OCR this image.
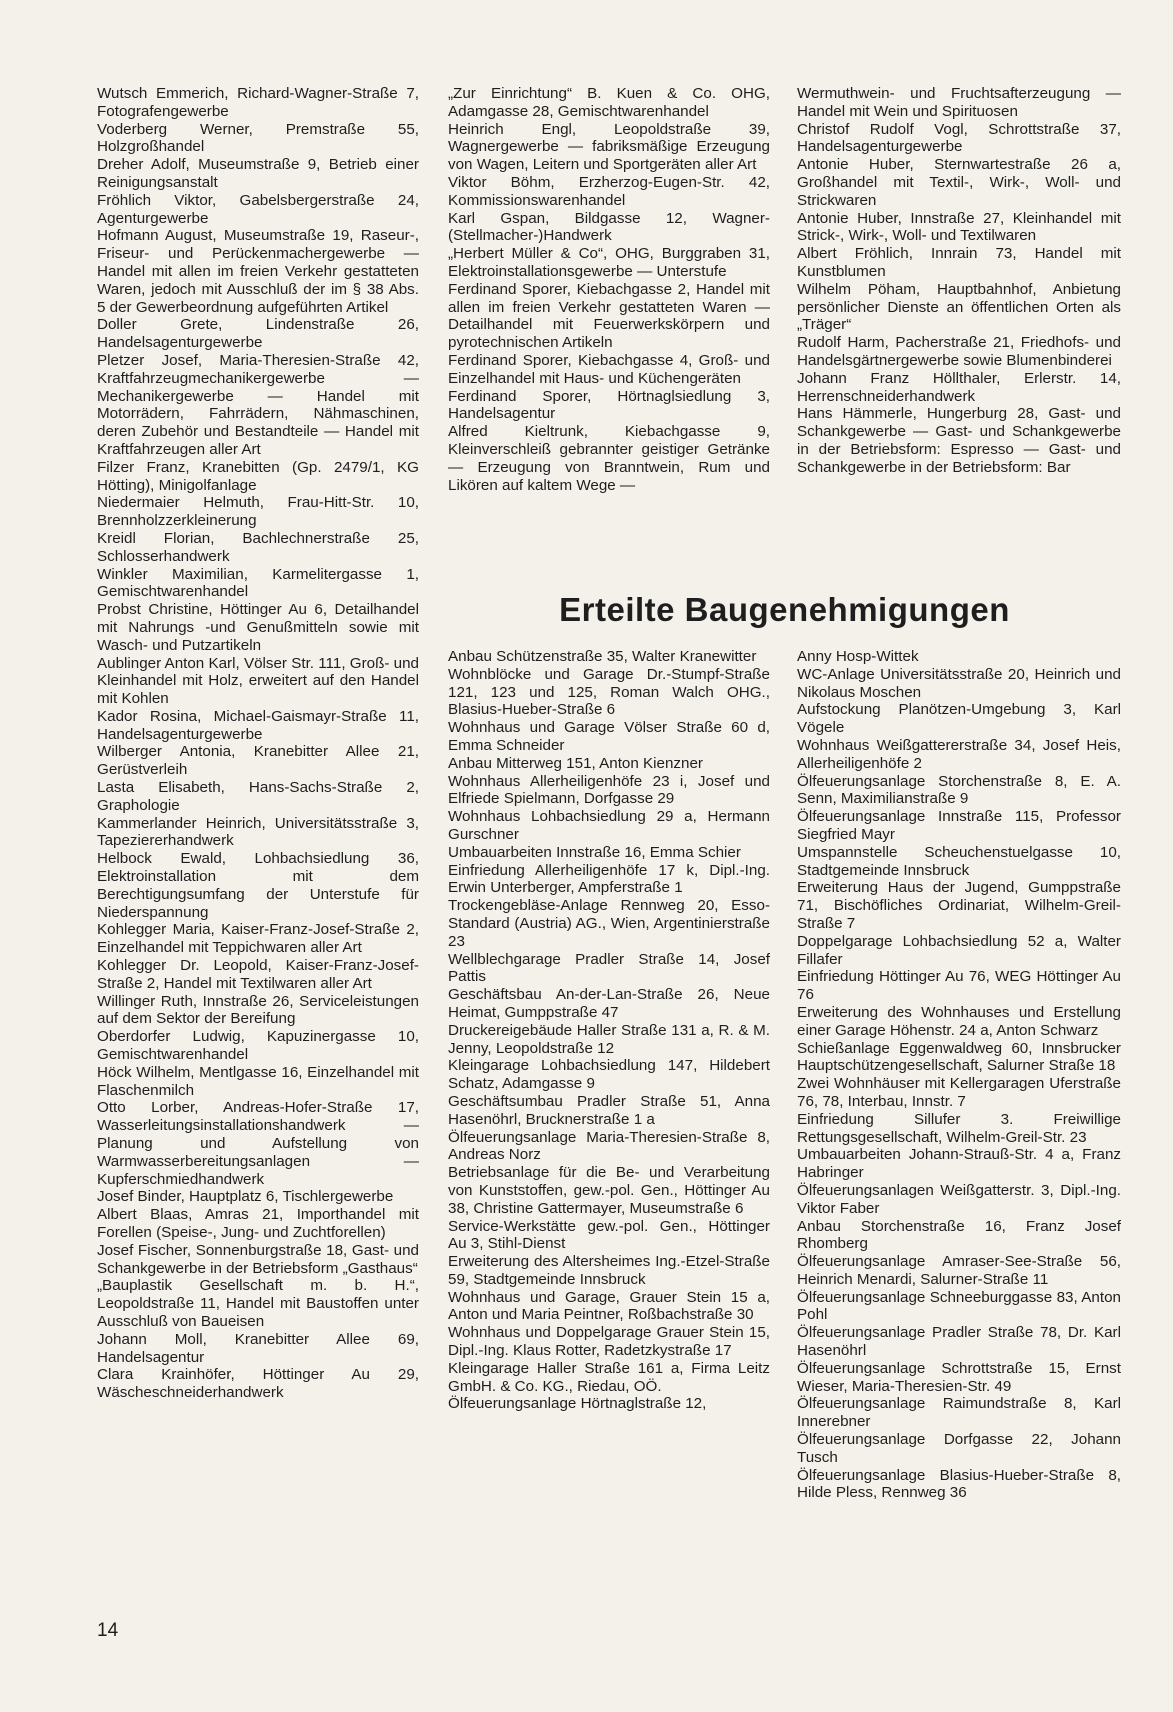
Wutsch Emmerich, Richard-Wagner-Straße 7, Fotografengewerbe

Voderberg Werner, Premstraße 55, Holzgroßhandel

Dreher Adolf, Museumstraße 9, Betrieb einer Reinigungsanstalt

Fröhlich Viktor, Gabelsbergerstraße 24, Agenturgewerbe

Hofmann August, Museumstraße 19, Raseur-, Friseur- und Perückenmachergewerbe — Handel mit allen im freien Verkehr gestatteten Waren, jedoch mit Ausschluß der im § 38 Abs. 5 der Gewerbeordnung aufgeführten Artikel

Doller Grete, Lindenstraße 26, Handelsagenturgewerbe

Pletzer Josef, Maria-Theresien-Straße 42, Kraftfahrzeugmechanikergewerbe — Mechanikergewerbe — Handel mit Motorrädern, Fahrrädern, Nähmaschinen, deren Zubehör und Bestandteile — Handel mit Kraftfahrzeugen aller Art

Filzer Franz, Kranebitten (Gp. 2479/1, KG Hötting), Minigolfanlage

Niedermaier Helmuth, Frau-Hitt-Str. 10, Brennholzzerkleinerung

Kreidl Florian, Bachlechnerstraße 25, Schlosserhandwerk

Winkler Maximilian, Karmelitergasse 1, Gemischtwarenhandel

Probst Christine, Höttinger Au 6, Detailhandel mit Nahrungs -und Genußmitteln sowie mit Wasch- und Putzartikeln

Aublinger Anton Karl, Völser Str. 111, Groß- und Kleinhandel mit Holz, erweitert auf den Handel mit Kohlen

Kador Rosina, Michael-Gaismayr-Straße 11, Handelsagenturgewerbe

Wilberger Antonia, Kranebitter Allee 21, Gerüstverleih

Lasta Elisabeth, Hans-Sachs-Straße 2, Graphologie

Kammerlander Heinrich, Universitätsstraße 3, Tapeziererhandwerk

Helbock Ewald, Lohbachsiedlung 36, Elektroinstallation mit dem Berechtigungsumfang der Unterstufe für Niederspannung

Kohlegger Maria, Kaiser-Franz-Josef-Straße 2, Einzelhandel mit Teppichwaren aller Art

Kohlegger Dr. Leopold, Kaiser-Franz-Josef-Straße 2, Handel mit Textilwaren aller Art

Willinger Ruth, Innstraße 26, Serviceleistungen auf dem Sektor der Bereifung

Oberdorfer Ludwig, Kapuzinergasse 10, Gemischtwarenhandel

Höck Wilhelm, Mentlgasse 16, Einzelhandel mit Flaschenmilch

Otto Lorber, Andreas-Hofer-Straße 17, Wasserleitungsinstallationshandwerk — Planung und Aufstellung von Warmwasserbereitungsanlagen — Kupferschmiedhandwerk

Josef Binder, Hauptplatz 6, Tischlergewerbe

Albert Blaas, Amras 21, Importhandel mit Forellen (Speise-, Jung- und Zuchtforellen)

Josef Fischer, Sonnenburgstraße 18, Gast- und Schankgewerbe in der Betriebsform „Gasthaus“

„Bauplastik Gesellschaft m. b. H.“, Leopoldstraße 11, Handel mit Baustoffen unter Ausschluß von Baueisen

Johann Moll, Kranebitter Allee 69, Handelsagentur

Clara Krainhöfer, Höttinger Au 29, Wäscheschneiderhandwerk

„Zur Einrichtung“ B. Kuen & Co. OHG, Adamgasse 28, Gemischtwarenhandel

Heinrich Engl, Leopoldstraße 39, Wagnergewerbe — fabriksmäßige Erzeugung von Wagen, Leitern und Sportgeräten aller Art

Viktor Böhm, Erzherzog-Eugen-Str. 42, Kommissionswarenhandel

Karl Gspan, Bildgasse 12, Wagner-(Stellmacher-)Handwerk

„Herbert Müller & Co“, OHG, Burggraben 31, Elektroinstallationsgewerbe — Unterstufe

Ferdinand Sporer, Kiebachgasse 2, Handel mit allen im freien Verkehr gestatteten Waren — Detailhandel mit Feuerwerkskörpern und pyrotechnischen Artikeln

Ferdinand Sporer, Kiebachgasse 4, Groß- und Einzelhandel mit Haus- und Küchengeräten

Ferdinand Sporer, Hörtnaglsiedlung 3, Handelsagentur

Alfred Kieltrunk, Kiebachgasse 9, Kleinverschleiß gebrannter geistiger Getränke — Erzeugung von Branntwein, Rum und Likören auf kaltem Wege —

Wermuthwein- und Fruchtsafterzeugung — Handel mit Wein und Spirituosen

Christof Rudolf Vogl, Schrottstraße 37, Handelsagenturgewerbe

Antonie Huber, Sternwartestraße 26 a, Großhandel mit Textil-, Wirk-, Woll- und Strickwaren

Antonie Huber, Innstraße 27, Kleinhandel mit Strick-, Wirk-, Woll- und Textilwaren

Albert Fröhlich, Innrain 73, Handel mit Kunstblumen

Wilhelm Pöham, Hauptbahnhof, Anbietung persönlicher Dienste an öffentlichen Orten als „Träger“

Rudolf Harm, Pacherstraße 21, Friedhofs- und Handelsgärtnergewerbe sowie Blumenbinderei

Johann Franz Höllthaler, Erlerstr. 14, Herrenschneiderhandwerk

Hans Hämmerle, Hungerburg 28, Gast- und Schankgewerbe — Gast- und Schankgewerbe in der Betriebsform: Espresso — Gast- und Schankgewerbe in der Betriebsform: Bar

Erteilte Baugenehmigungen

Anbau Schützenstraße 35, Walter Kranewitter

Wohnblöcke und Garage Dr.-Stumpf-Straße 121, 123 und 125, Roman Walch OHG., Blasius-Hueber-Straße 6

Wohnhaus und Garage Völser Straße 60 d, Emma Schneider

Anbau Mitterweg 151, Anton Kienzner

Wohnhaus Allerheiligenhöfe 23 i, Josef und Elfriede Spielmann, Dorfgasse 29

Wohnhaus Lohbachsiedlung 29 a, Hermann Gurschner

Umbauarbeiten Innstraße 16, Emma Schier

Einfriedung Allerheiligenhöfe 17 k, Dipl.-Ing. Erwin Unterberger, Ampferstraße 1

Trockengebläse-Anlage Rennweg 20, Esso-Standard (Austria) AG., Wien, Argentinierstraße 23

Wellblechgarage Pradler Straße 14, Josef Pattis

Geschäftsbau An-der-Lan-Straße 26, Neue Heimat, Gumppstraße 47

Druckereigebäude Haller Straße 131 a, R. & M. Jenny, Leopoldstraße 12

Kleingarage Lohbachsiedlung 147, Hildebert Schatz, Adamgasse 9

Geschäftsumbau Pradler Straße 51, Anna Hasenöhrl, Brucknerstraße 1 a

Ölfeuerungsanlage Maria-Theresien-Straße 8, Andreas Norz

Betriebsanlage für die Be- und Verarbeitung von Kunststoffen, gew.-pol. Gen., Höttinger Au 38, Christine Gattermayer, Museumstraße 6

Service-Werkstätte gew.-pol. Gen., Höttinger Au 3, Stihl-Dienst

Erweiterung des Altersheimes Ing.-Etzel-Straße 59, Stadtgemeinde Innsbruck

Wohnhaus und Garage, Grauer Stein 15 a, Anton und Maria Peintner, Roßbachstraße 30

Wohnhaus und Doppelgarage Grauer Stein 15, Dipl.-Ing. Klaus Rotter, Radetzkystraße 17

Kleingarage Haller Straße 161 a, Firma Leitz GmbH. & Co. KG., Riedau, OÖ.

Ölfeuerungsanlage Hörtnaglstraße 12,

Anny Hosp-Wittek

WC-Anlage Universitätsstraße 20, Heinrich und Nikolaus Moschen

Aufstockung Planötzen-Umgebung 3, Karl Vögele

Wohnhaus Weißgattererstraße 34, Josef Heis, Allerheiligenhöfe 2

Ölfeuerungsanlage Storchenstraße 8, E. A. Senn, Maximilianstraße 9

Ölfeuerungsanlage Innstraße 115, Professor Siegfried Mayr

Umspannstelle Scheuchenstuelgasse 10, Stadtgemeinde Innsbruck

Erweiterung Haus der Jugend, Gumppstraße 71, Bischöfliches Ordinariat, Wilhelm-Greil-Straße 7

Doppelgarage Lohbachsiedlung 52 a, Walter Fillafer

Einfriedung Höttinger Au 76, WEG Höttinger Au 76

Erweiterung des Wohnhauses und Erstellung einer Garage Höhenstr. 24 a, Anton Schwarz

Schießanlage Eggenwaldweg 60, Innsbrucker Hauptschützengesellschaft, Salurner Straße 18

Zwei Wohnhäuser mit Kellergaragen Uferstraße 76, 78, Interbau, Innstr. 7

Einfriedung Sillufer 3. Freiwillige Rettungsgesellschaft, Wilhelm-Greil-Str. 23

Umbauarbeiten Johann-Strauß-Str. 4 a, Franz Habringer

Ölfeuerungsanlagen Weißgatterstr. 3, Dipl.-Ing. Viktor Faber

Anbau Storchenstraße 16, Franz Josef Rhomberg

Ölfeuerungsanlage Amraser-See-Straße 56, Heinrich Menardi, Salurner-Straße 11

Ölfeuerungsanlage Schneeburggasse 83, Anton Pohl

Ölfeuerungsanlage Pradler Straße 78, Dr. Karl Hasenöhrl

Ölfeuerungsanlage Schrottstraße 15, Ernst Wieser, Maria-Theresien-Str. 49

Ölfeuerungsanlage Raimundstraße 8, Karl Innerebner

Ölfeuerungsanlage Dorfgasse 22, Johann Tusch

Ölfeuerungsanlage Blasius-Hueber-Straße 8, Hilde Pless, Rennweg 36

14
